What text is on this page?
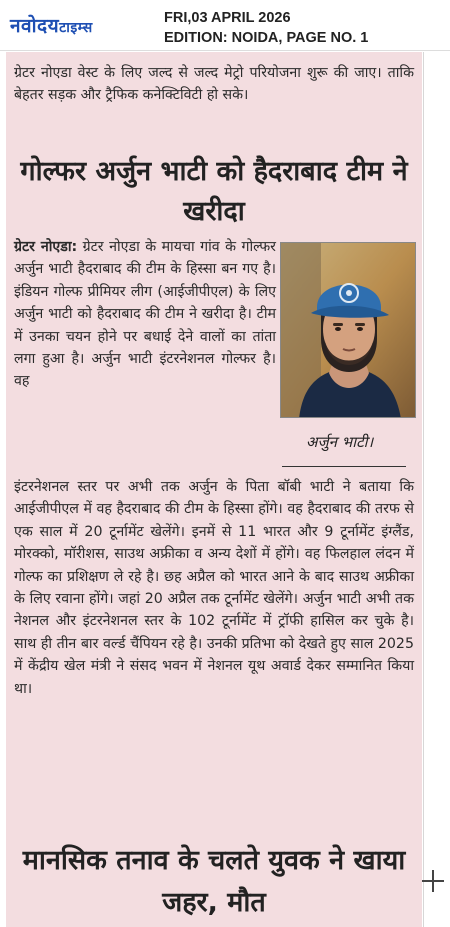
नवोदयटाइम्स
FRI,03 APRIL 2026
EDITION: NOIDA, PAGE NO. 1

ग्रेटर नोएडा वेस्ट के लिए जल्द से जल्द मेट्रो परियोजना शुरू की जाए। ताकि बेहतर सड़क और ट्रैफिक कनेक्टिविटी हो सके।

गोल्फर अर्जुन भाटी को हैदराबाद टीम ने खरीदा

ग्रेटर नोएडा: ग्रेटर नोएडा के मायचा गांव के गोल्फर अर्जुन भाटी हैदराबाद की टीम के हिस्सा बन गए है। इंडियन गोल्फ प्रीमियर लीग (आईजीपीएल) के लिए अर्जुन भाटी को हैदराबाद की टीम ने खरीदा है। टीम में उनका चयन होने पर बधाई देने वालों का तांता लगा हुआ है। अर्जुन भाटी इंटरनेशनल गोल्फर है। वह

अर्जुन भाटी।

इंटरनेशनल स्तर पर अभी तक अर्जुन के पिता बॉबी भाटी ने बताया कि आईजीपीएल में वह हैदराबाद की टीम के हिस्सा होंगे। वह हैदराबाद की तरफ से एक साल में 20 टूर्नामेंट खेलेंगे। इनमें से 11 भारत और 9 टूर्नामेंट इंग्लैंड, मोरक्को, मॉरीशस, साउथ अफ्रीका व अन्य देशों में होंगे। वह फिलहाल लंदन में गोल्फ का प्रशिक्षण ले रहे है। छह अप्रैल को भारत आने के बाद साउथ अफ्रीका के लिए रवाना होंगे। जहां 20 अप्रैल तक टूर्नामेंट खेलेंगे। अर्जुन भाटी अभी तक नेशनल और इंटरनेशनल स्तर के 102 टूर्नामेंट में ट्रॉफी हासिल कर चुके है। साथ ही तीन बार वर्ल्ड चैंपियन रहे है। उनकी प्रतिभा को देखते हुए साल 2025 में केंद्रीय खेल मंत्री ने संसद भवन में नेशनल यूथ अवार्ड देकर सम्मानित किया था।

मानसिक तनाव के चलते युवक ने खाया जहर, मौत
